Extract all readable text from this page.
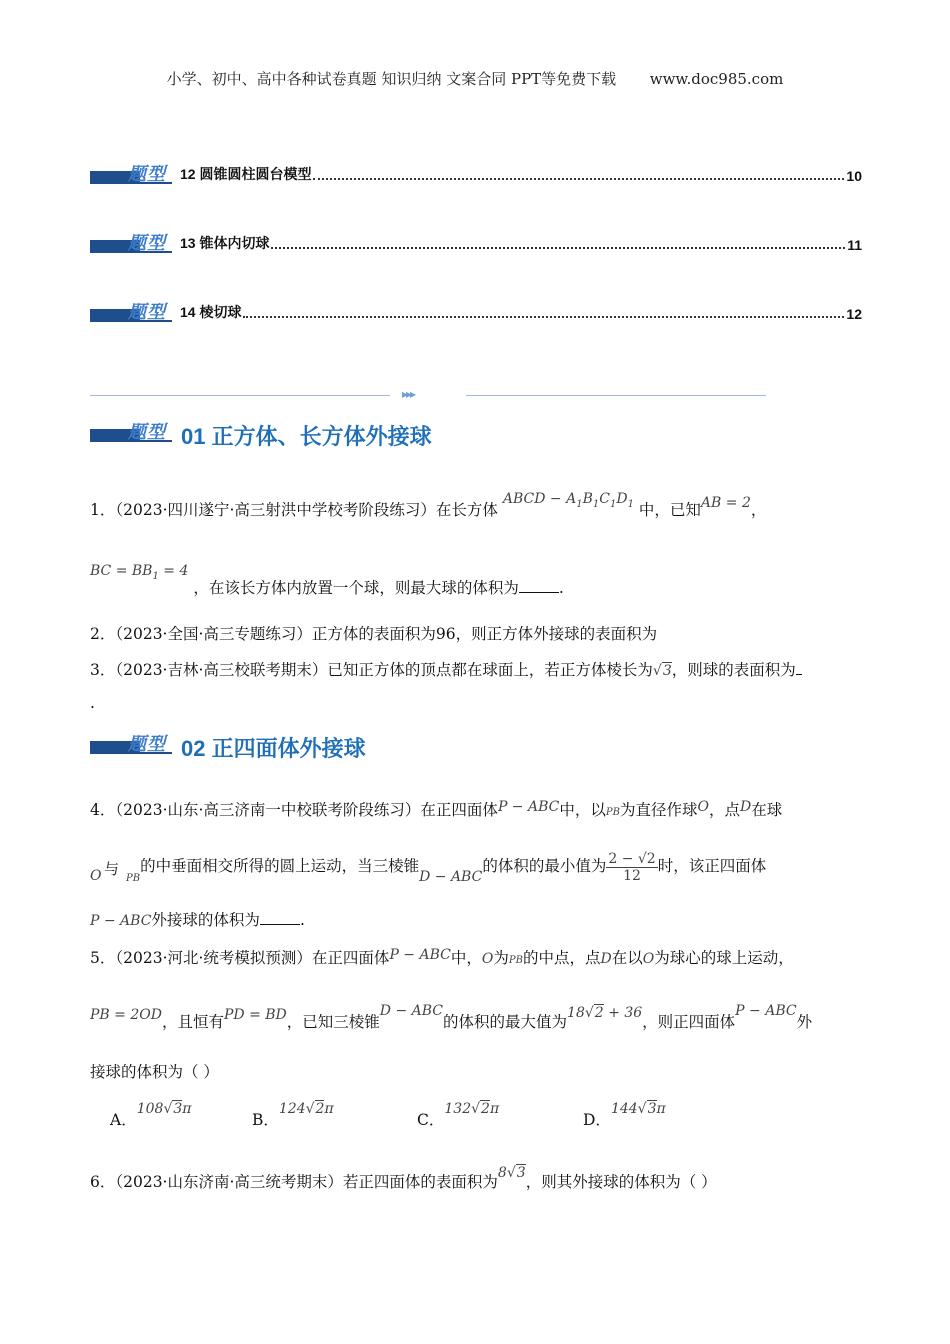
小学、初中、高中各种试卷真题 知识归纳 文案合同 PPT等免费下载 www.doc985.com
题型 12 圆锥圆柱圆台模型	10
题型 13 锥体内切球	11
题型 14 棱切球	12
▸▸▸
题型 01 正方体、长方体外接球
1．（2023·四川遂宁·高三射洪中学校考阶段练习）在长方体 ABCD − $A_1B_1C_1D_1$ 中，已知AB = 2，
BC = $BB_1 = 4$ ，在该长方体内放置一个球，则最大球的体积为	.
2．（2023·全国·高三专题练习）正方体的表面积为96，则正方体外接球的表面积为
3．（2023·吉林·高三校联考期末）已知正方体的顶点都在球面上，若正方体棱长为√3，则球的表面积为
.
题型 02 正四面体外接球
4．（2023·山东·高三济南一中校联考阶段练习）在正四面体P − ABC中，以PB为直径作球O，点D在球
O 与
$_{PB}$的中垂面相交所得的圆上运动，当三棱锥D − ABC的体积的最小值为 $\frac{2 - √2}{12}$ 时，该正四面体
P − ABC外接球的体积为	.
5．（2023·河北·统考模拟预测）在正四面体P − ABC中，O为PB的中点，点D在以O为球心的球上运动，
PB = 2OD，且恒有PD = BD，已知三棱锥D − ABC的体积的最大值为18√2 + 36，则正四面体P − ABC外
接球的体积为（ ）
A．108√3π
B．124√2π
C．132√2π
D．144√3π
6．（2023·山东济南·高三统考期末）若正四面体的表面积为8√3，则其外接球的体积为（ ）
